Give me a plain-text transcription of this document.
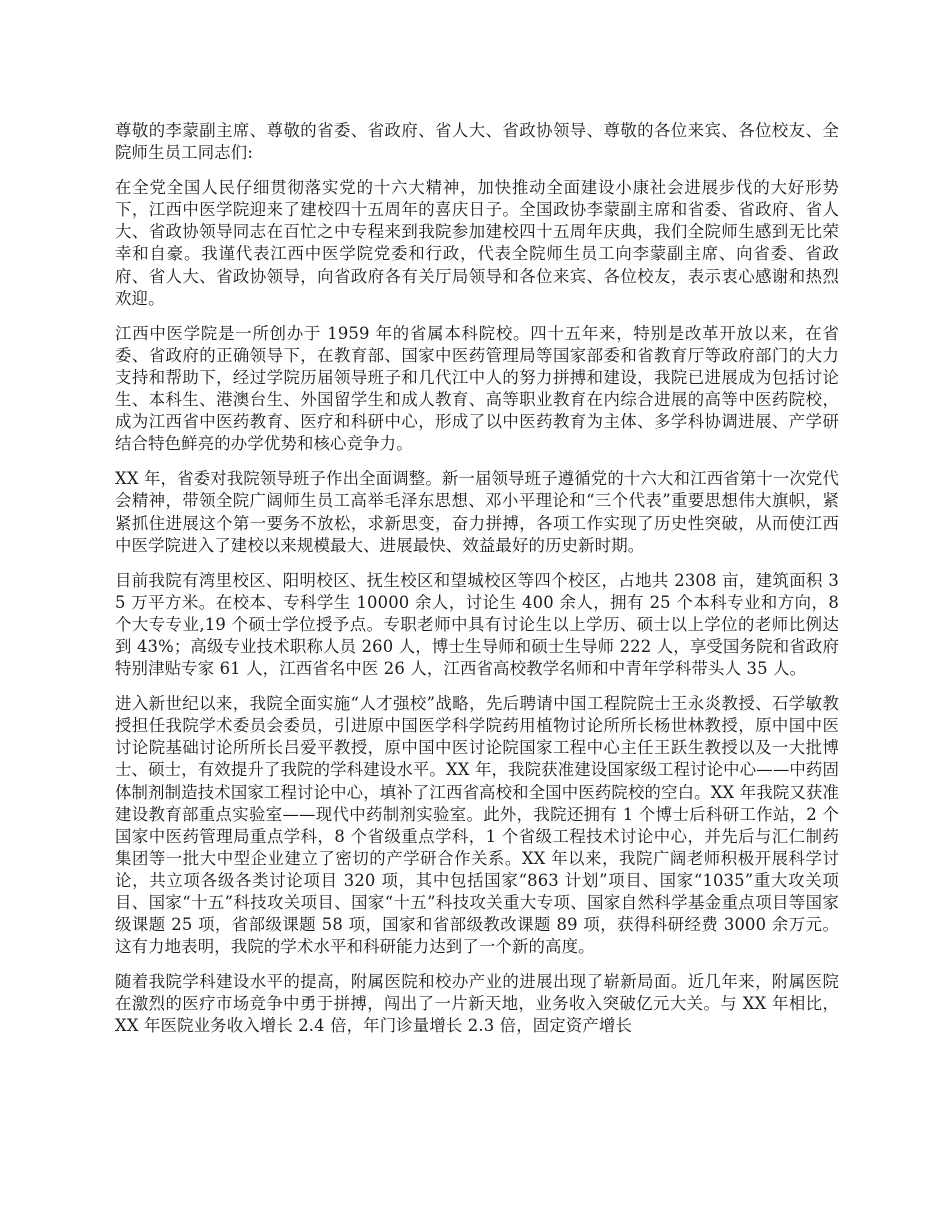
尊敬的李蒙副主席、尊敬的省委、省政府、省人大、省政协领导、尊敬的各位来宾、各位校友、全院师生员工同志们:

在全党全国人民仔细贯彻落实党的十六大精神，加快推动全面建设小康社会进展步伐的大好形势下，江西中医学院迎来了建校四十五周年的喜庆日子。全国政协李蒙副主席和省委、省政府、省人大、省政协领导同志在百忙之中专程来到我院参加建校四十五周年庆典，我们全院师生感到无比荣幸和自豪。我谨代表江西中医学院党委和行政，代表全院师生员工向李蒙副主席、向省委、省政府、省人大、省政协领导，向省政府各有关厅局领导和各位来宾、各位校友，表示衷心感谢和热烈欢迎。

江西中医学院是一所创办于 1959 年的省属本科院校。四十五年来，特别是改革开放以来，在省委、省政府的正确领导下，在教育部、国家中医药管理局等国家部委和省教育厅等政府部门的大力支持和帮助下，经过学院历届领导班子和几代江中人的努力拼搏和建设，我院已进展成为包括讨论生、本科生、港澳台生、外国留学生和成人教育、高等职业教育在内综合进展的高等中医药院校，成为江西省中医药教育、医疗和科研中心，形成了以中医药教育为主体、多学科协调进展、产学研结合特色鲜亮的办学优势和核心竞争力。

XX 年，省委对我院领导班子作出全面调整。新一届领导班子遵循党的十六大和江西省第十一次党代会精神，带领全院广阔师生员工高举毛泽东思想、邓小平理论和“三个代表”重要思想伟大旗帜，紧紧抓住进展这个第一要务不放松，求新思变，奋力拼搏，各项工作实现了历史性突破，从而使江西中医学院进入了建校以来规模最大、进展最快、效益最好的历史新时期。

目前我院有湾里校区、阳明校区、抚生校区和望城校区等四个校区，占地共 2308 亩，建筑面积 35 万平方米。在校本、专科学生 10000 余人，讨论生 400 余人，拥有 25 个本科专业和方向，8 个大专专业,19 个硕士学位授予点。专职老师中具有讨论生以上学历、硕士以上学位的老师比例达到 43%；高级专业技术职称人员 260 人，博士生导师和硕士生导师 222 人，享受国务院和省政府特别津贴专家 61 人，江西省名中医 26 人，江西省高校教学名师和中青年学科带头人 35 人。

进入新世纪以来，我院全面实施“人才强校”战略，先后聘请中国工程院院士王永炎教授、石学敏教授担任我院学术委员会委员，引进原中国医学科学院药用植物讨论所所长杨世林教授，原中国中医讨论院基础讨论所所长吕爱平教授，原中国中医讨论院国家工程中心主任王跃生教授以及一大批博士、硕士，有效提升了我院的学科建设水平。XX 年，我院获准建设国家级工程讨论中心——中药固体制剂制造技术国家工程讨论中心，填补了江西省高校和全国中医药院校的空白。XX 年我院又获准建设教育部重点实验室——现代中药制剂实验室。此外，我院还拥有 1 个博士后科研工作站，2 个国家中医药管理局重点学科，8 个省级重点学科，1 个省级工程技术讨论中心，并先后与汇仁制药集团等一批大中型企业建立了密切的产学研合作关系。XX 年以来，我院广阔老师积极开展科学讨论，共立项各级各类讨论项目 320 项，其中包括国家“863 计划”项目、国家“1035”重大攻关项目、国家“十五”科技攻关项目、国家“十五”科技攻关重大专项、国家自然科学基金重点项目等国家级课题 25 项，省部级课题 58 项，国家和省部级教改课题 89 项，获得科研经费 3000 余万元。这有力地表明，我院的学术水平和科研能力达到了一个新的高度。

随着我院学科建设水平的提高，附属医院和校办产业的进展出现了崭新局面。近几年来，附属医院在激烈的医疗市场竞争中勇于拼搏，闯出了一片新天地，业务收入突破亿元大关。与 XX 年相比，XX 年医院业务收入增长 2.4 倍，年门诊量增长 2.3 倍，固定资产增长
